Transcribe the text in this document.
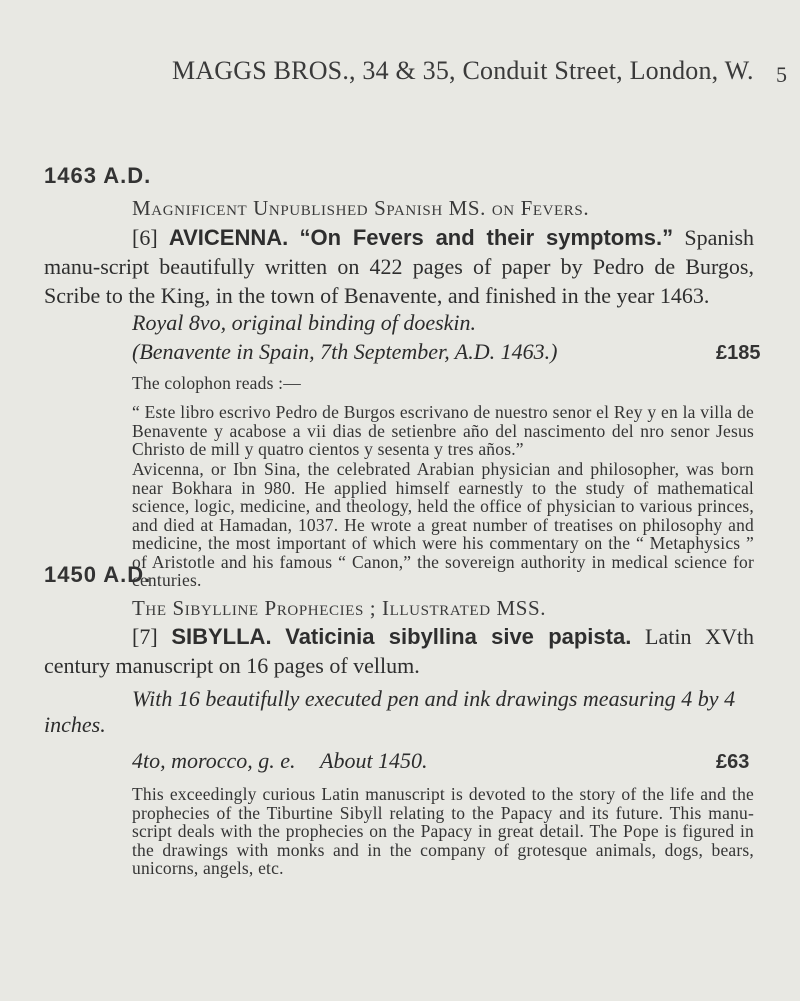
MAGGS BROS., 34 & 35, Conduit Street, London, W. 5
1463 A.D.
Magnificent Unpublished Spanish MS. on Fevers.
[6] AVICENNA. “On Fevers and their symptoms.” Spanish manu-script beautifully written on 422 pages of paper by Pedro de Burgos, Scribe to the King, in the town of Benavente, and finished in the year 1463.
Royal 8vo, original binding of doeskin.
(Benavente in Spain, 7th September, A.D. 1463.)	£185
The colophon reads :—
“ Este libro escrivo Pedro de Burgos escrivano de nuestro senor el Rey y en la villa de Benavente y acabose a vii dias de setienbre año del nascimento del nro senor Jesus Christo de mill y quatro cientos y sesenta y tres años.”
Avicenna, or Ibn Sina, the celebrated Arabian physician and philosopher, was born near Bokhara in 980. He applied himself earnestly to the study of mathematical science, logic, medicine, and theology, held the office of physician to various princes, and died at Hamadan, 1037. He wrote a great number of treatises on philosophy and medicine, the most important of which were his commentary on the “ Metaphysics ” of Aristotle and his famous “ Canon,” the sovereign authority in medical science for centuries.
1450 A.D.
The Sibylline Prophecies ; Illustrated MSS.
[7] SIBYLLA. Vaticinia sibyllina sive papista. Latin XVth century manuscript on 16 pages of vellum.
With 16 beautifully executed pen and ink drawings measuring 4 by 4 inches.
4to, morocco, g. e. About 1450.	£63
This exceedingly curious Latin manuscript is devoted to the story of the life and the prophecies of the Tiburtine Sibyll relating to the Papacy and its future. This manu-script deals with the prophecies on the Papacy in great detail. The Pope is figured in the drawings with monks and in the company of grotesque animals, dogs, bears, unicorns, angels, etc.
